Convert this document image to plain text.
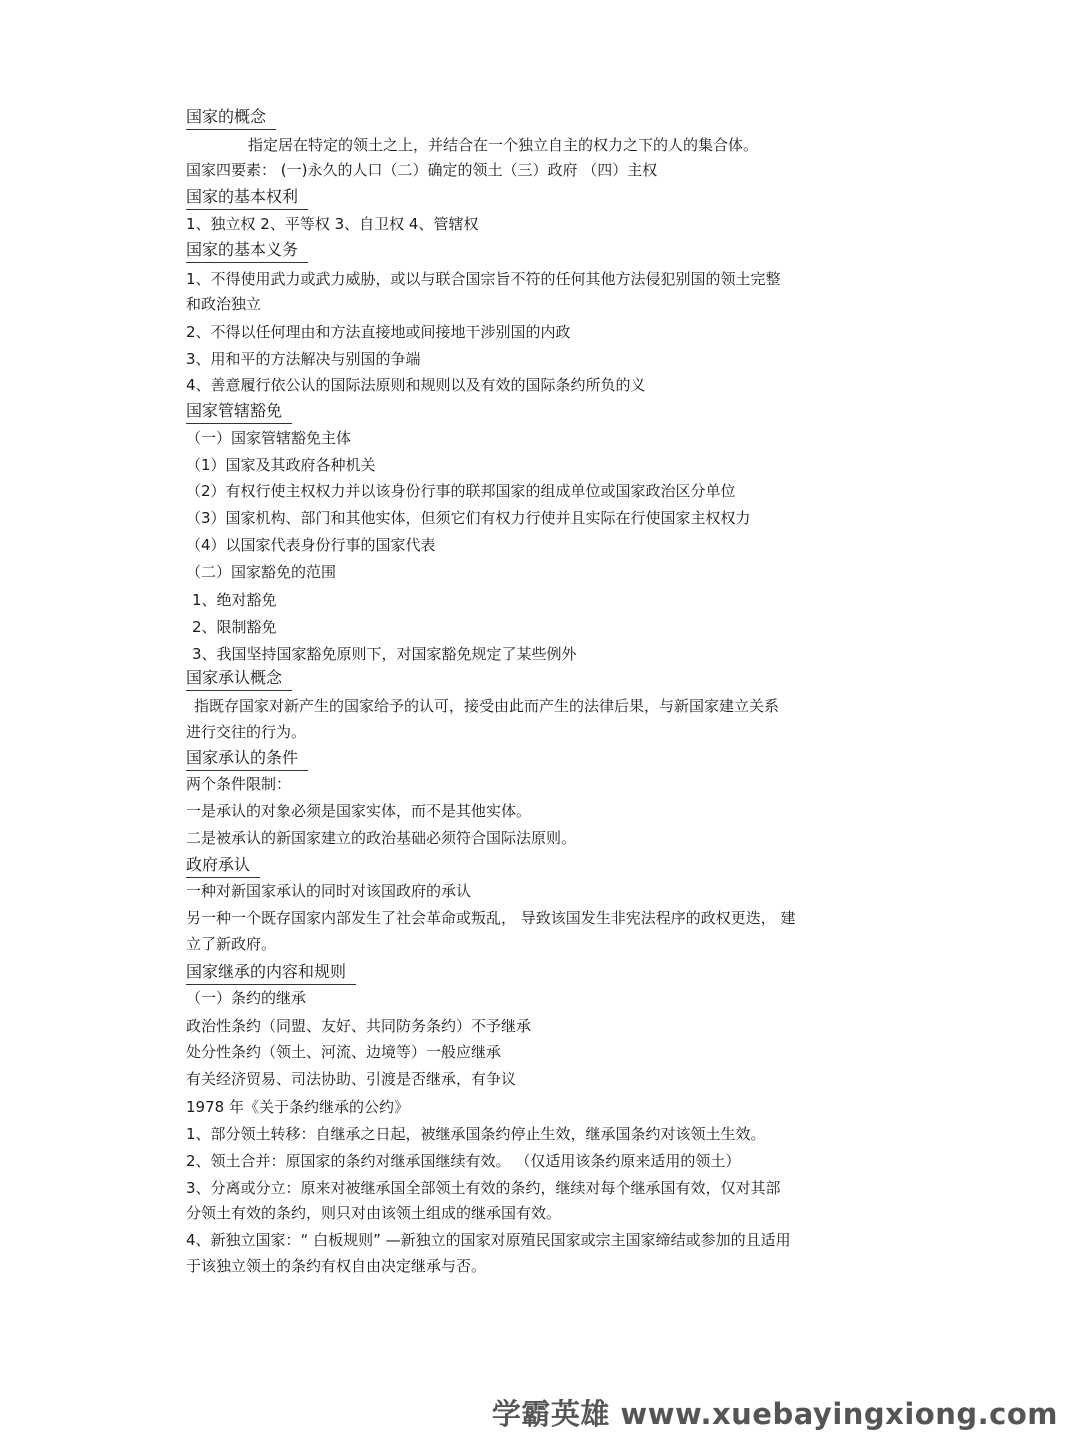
国家的概念
指定居在特定的领土之上，并结合在一个独立自主的权力之下的人的集合体。
国家四要素： (一)永久的人口（二）确定的领土（三）政府 （四）主权
国家的基本权利
1、独立权 2、平等权 3、自卫权 4、管辖权
国家的基本义务
1、不得使用武力或武力威胁，或以与联合国宗旨不符的任何其他方法侵犯别国的领土完整
和政治独立
2、不得以任何理由和方法直接地或间接地干涉别国的内政
3、用和平的方法解决与别国的争端
4、善意履行依公认的国际法原则和规则以及有效的国际条约所负的义
国家管辖豁免
（一）国家管辖豁免主体
（1）国家及其政府各种机关
（2）有权行使主权权力并以该身份行事的联邦国家的组成单位或国家政治区分单位
（3）国家机构、部门和其他实体，但须它们有权力行使并且实际在行使国家主权权力
（4）以国家代表身份行事的国家代表
（二）国家豁免的范围
1、绝对豁免
2、限制豁免
3、我国坚持国家豁免原则下，对国家豁免规定了某些例外
国家承认概念
指既存国家对新产生的国家给予的认可，接受由此而产生的法律后果，与新国家建立关系
进行交往的行为。
国家承认的条件
两个条件限制：
一是承认的对象必须是国家实体，而不是其他实体。
二是被承认的新国家建立的政治基础必须符合国际法原则。
政府承认
一种对新国家承认的同时对该国政府的承认
另一种一个既存国家内部发生了社会革命或叛乱， 导致该国发生非宪法程序的政权更迭， 建
立了新政府。
国家继承的内容和规则
（一）条约的继承
政治性条约（同盟、友好、共同防务条约）不予继承
处分性条约（领土、河流、边境等）一般应继承
有关经济贸易、司法协助、引渡是否继承，有争议
1978 年《关于条约继承的公约》
1、部分领土转移：自继承之日起，被继承国条约停止生效，继承国条约对该领土生效。
2、领土合并：原国家的条约对继承国继续有效。 （仅适用该条约原来适用的领土）
3、分离或分立：原来对被继承国全部领土有效的条约，继续对每个继承国有效，仅对其部
分领土有效的条约，则只对由该领土组成的继承国有效。
4、新独立国家：“ 白板规则” —新独立的国家对原殖民国家或宗主国家缔结或参加的且适用
于该独立领土的条约有权自由决定继承与否。
学霸英雄 www.xuebayingxiong.com
